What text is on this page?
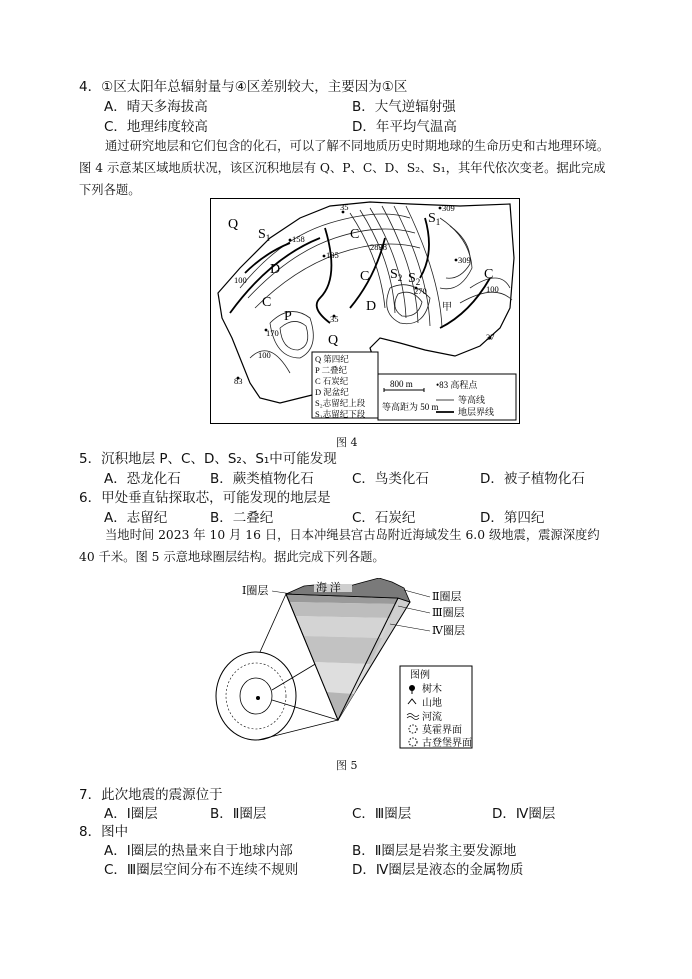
4．①区太阳年总辐射量与④区差别较大，主要因为①区
A．晴天多海拔高	B．大气逆辐射强
C．地理纬度较高	D．年平均气温高
通过研究地层和它们包含的化石，可以了解不同地质历史时期地球的生命历史和古地理环境。图 4 示意某区域地质状况，该区沉积地层有 Q、P、C、D、S₂、S₁，其年代依次变老。据此完成下列各题。
Q
$S_1$	C
$S_1$
D	C
C
$S_2$ $S_2$
P
D
Q
C
35
158
185
2838
309
309
270	100
100
170
100
35
83
37
甲
Q 第四纪
P 二叠纪
C 石炭纪
D 泥盆纪
S₂志留纪上段
S₁志留纪下段
800 m	•83 高程点
等高距为 50 m
等高线
地层界线
图 4
5．沉积地层 P、C、D、S₂、S₁中可能发现
A．恐龙化石 B．蕨类植物化石	C．鸟类化石	D．被子植物化石
6．甲处垂直钻探取芯，可能发现的地层是
A．志留纪	B．二叠纪	C．石炭纪	D．第四纪
当地时间 2023 年 10 月 16 日，日本冲绳县宫古岛附近海域发生 6.0 级地震，震源深度约 40 千米。图 5 示意地球圈层结构。据此完成下列各题。
Ⅰ圈层	海 洋
Ⅱ圈层
Ⅲ圈层
Ⅳ圈层
图例
树木
山地
河流
莫霍界面
古登堡界面
图 5
7．此次地震的震源位于
A．Ⅰ圈层	B．Ⅱ圈层	C．Ⅲ圈层	D．Ⅳ圈层
8．图中
A．Ⅰ圈层的热量来自于地球内部	B．Ⅱ圈层是岩浆主要发源地
C．Ⅲ圈层空间分布不连续不规则	D．Ⅳ圈层是液态的金属物质
